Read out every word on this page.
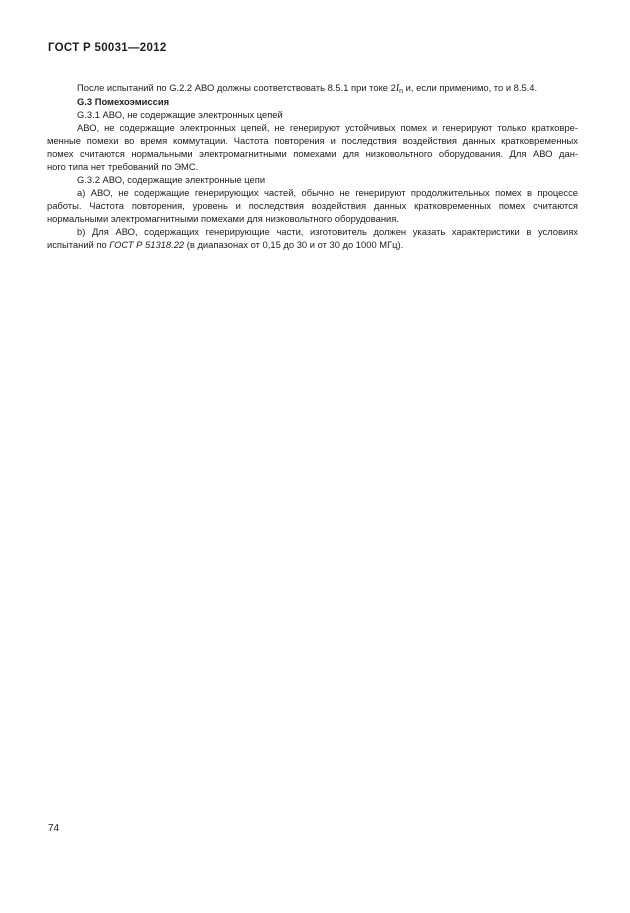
ГОСТ Р 50031—2012
После испытаний по G.2.2 АВО должны соответствовать 8.5.1 при токе $2I_n$ и, если применимо, то и 8.5.4.
G.3 Помехоэмиссия
G.3.1 АВО, не содержащие электронных цепей
АВО, не содержащие электронных цепей, не генерируют устойчивых помех и генерируют только кратковре-
менные помехи во время коммутации. Частота повторения и последствия воздействия данных кратковременных
помех считаются нормальными электромагнитными помехами для низковольтного оборудования. Для АВО дан-
ного типа нет требований по ЭМС.
G.3.2 АВО, содержащие электронные цепи
а) АВО, не содержащие генерирующих частей, обычно не генерируют продолжительных помех в процессе
работы. Частота повторения, уровень и последствия воздействия данных кратковременных помех считаются
нормальными электромагнитными помехами для низковольтного оборудования.
b) Для АВО, содержащих генерирующие части, изготовитель должен указать характеристики в условиях
испытаний по ГОСТ Р 51318.22 (в диапазонах от 0,15 до 30 и от 30 до 1000 МГц).
74
